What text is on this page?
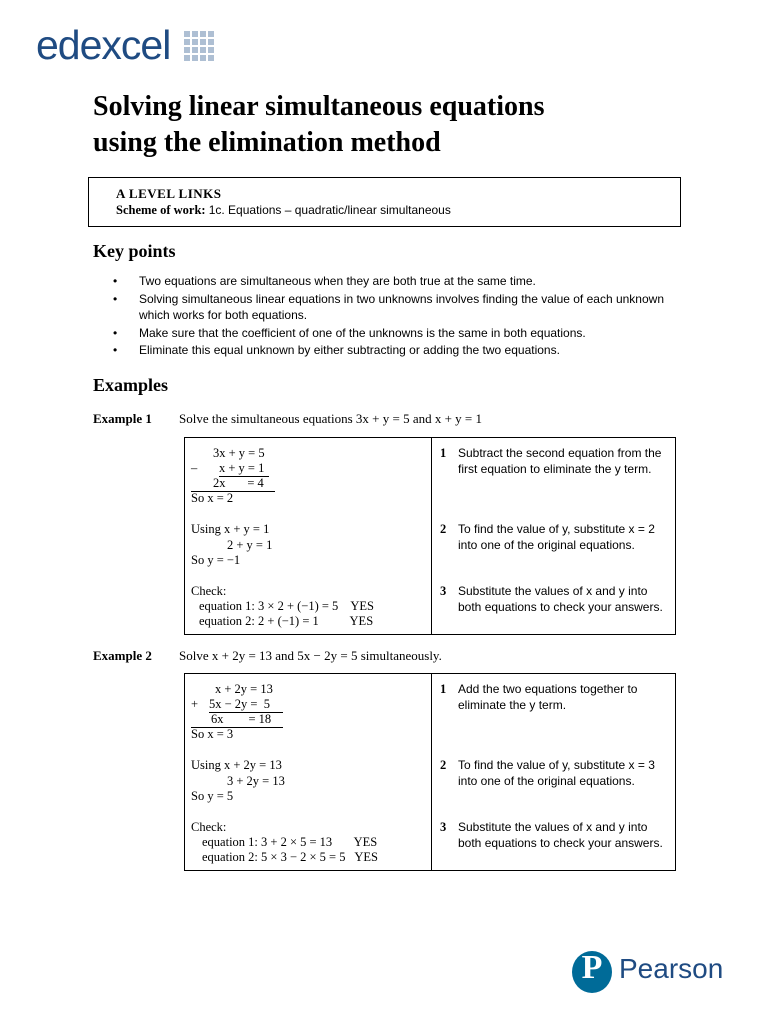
edexcel
Solving linear simultaneous equations
using the elimination method
A LEVEL LINKS
Scheme of work: 1c. Equations – quadratic/linear simultaneous
Key points
• Two equations are simultaneous when they are both true at the same time.
• Solving simultaneous linear equations in two unknowns involves finding the value of each unknown which works for both equations.
• Make sure that the coefficient of one of the unknowns is the same in both equations.
• Eliminate this equal unknown by either subtracting or adding the two equations.
Examples
Example 1 Solve the simultaneous equations 3x + y = 5 and x + y = 1
3x + y = 5
– x + y = 1
2x       = 4
So x = 2
Using x + y = 1
2 + y = 1
So y = −1
Check:
equation 1: 3 × 2 + (−1) = 5    YES
equation 2: 2 + (−1) = 1          YES
1 Subtract the second equation from the first equation to eliminate the y term.
2 To find the value of y, substitute x = 2 into one of the original equations.
3 Substitute the values of x and y into both equations to check your answers.
Example 2 Solve x + 2y = 13 and 5x − 2y = 5 simultaneously.
x + 2y = 13
+ 5x − 2y =  5
6x        = 18
So x = 3
Using x + 2y = 13
3 + 2y = 13
So y = 5
Check:
equation 1: 3 + 2 × 5 = 13       YES
equation 2: 5 × 3 − 2 × 5 = 5   YES
1 Add the two equations together to eliminate the y term.
2 To find the value of y, substitute x = 3 into one of the original equations.
3 Substitute the values of x and y into both equations to check your answers.
P Pearson
